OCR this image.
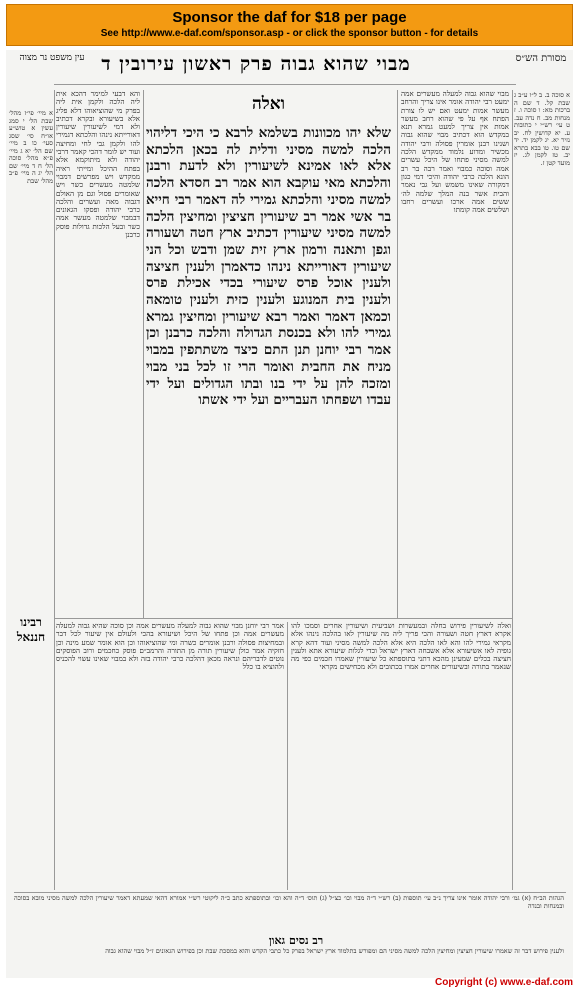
Sponsor the daf for $18 per page
See http://www.e-daf.com/sponsor.asp - or click the sponsor button - for details
מסורת הש״ס
מבוי שהוא גבוה פרק ראשון עירובין ד
עין משפט נר מצוה
א סוכה ב. ב ל״ו ע״ב ג שבת קל. ד שם ה ברכות מא: ו סוכה ו. ז מנחות מב. ח נדה עב. ט עי׳ רש״י י כתובות ע. יא קדושין לח. יב נזיר יא. יג לקמן יד. יד שם טו. טו בבא בתרא יב. טז לקמן לג. יז מועד קטן ז.
מבוי שהוא גבוה למעלה מעשרים אמה ימעט רבי יהודה אומר אינו צריך והרחב מעשר אמות ימעט ואם יש לו צורת הפתח אף על פי שהוא רחב מעשר אמות אין צריך למעט גמרא תנא במקדש הוא דכתיב מבוי שהוא גבוה ושנינו רבנן אומרין פסולה ורבי יהודה מכשיר ומדוע נלמוד ממקדש הלכה למשה מסיני פתחו של היכל עשרים אמה וסוכה כמבוי ואמר רבה בר רב הונא הלכה כרבי יהודה והיכי דמי כגון דמקורה שאינו משמש ועל גבי נאמר והבית אשר בנה המלך שלמה לה׳ ששים אמה ארכו ועשרים רחבו ושלשים אמה קומתו
ואלה
שלא יהו מכוונות בשלמא לרבא כי היכי דליהוי הלכה למשה מסיני ודלית לה בכאן הלכתא אלא לאו אמינא לשיעורין ולא לדעת ורבנן והלכתא מאי עוקבא הוא אמר רב חסדא הלכה למשה מסיני והלכתא גמירי לה דאמר רבי חייא בר אשי אמר רב שיעורין חציצין ומחיצין הלכה למשה מסיני שיעורין דכתיב ארץ חטה ושעורה וגפן ותאנה ורמון ארץ זית שמן ודבש וכל הני שיעורין דאורייתא נינהו כדאמרן ולענין חציצה ולענין אוכל פרס שיעורי בכדי אכילת פרס ולענין בית המנוגע ולענין כזית ולענין טומאה וכמאן דאמר ואמר רבא שיעורין ומחיצין גמרא גמירי להו ולא בכנסת הגדולה והלכה כרבנן וכן אמר רבי יוחנן תנן התם כיצד משתתפין במבוי מניח את החבית ואומר הרי זו לכל בני מבוי ומזכה להן על ידי בנו ובתו הגדולים ועל ידי עבדו ושפחתו העבריים ועל ידי אשתו
והא דבעי למימר דהכא אית ליה הלכה ולקמן אית ליה בפרק מי שהוציאוהו דלא פליג אלא בשיעורא ובקרא דכתיב ולא דמי לשיעורין שיעורין דאורייתא נינהו והלכתא דגמירי להו ולקמן גבי לחי ומחיצה ועוד יש לומר דהכי קאמר דרבי יהודה ולא מיתוקמא אלא בפתח ההיכל ומייתי ראיה ממקדש ויש מפרשים דמבוי שלמטה מעשרים כשר ויש שאומרים פסול וגם מן האולם דגבוה מאה ועשרים והלכה כרבי יהודה ופסקו הגאונים דבמבוי שלמטה מעשר אמה כשר ובעל הלכות גדולות פוסק כרבנן
א מיי׳ פי״ז מהל׳ שבת הל׳ י סמג עשין א טוש״ע או״ח סי׳ שסג סעי׳ כו ב מיי׳ שם הל׳ יא ג מיי׳ פ״א מהל׳ סוכה הל׳ ח ד מיי׳ שם הל׳ יג ה מיי׳ פ״ב מהל׳ שבת
רבינו חננאל
ואלה לשיעורין פירוש בחלה ובמעשרות ושביעית ושיעורין אחרים וסמכו להו אקרא דארץ חטה ושעורה והכי פריך ליה מה שיעורין לאו בהלכה נינהו אלא מקראי גמירי להו והא לאו הלכה היא אלא הלכה למשה מסיני ועוד דהא קרא גופיה לאו אשיעורא אלא אשבחה דארץ ישראל וכדי לגלות שיעורא אתא ולענין חציצה בכלים שמעינן מהכא דתני בתוספתא כל שיעורין שאמרו חכמים כפי מה שנאמר בתורה ובשיעורים אחרים אמרו בכתובים ולא מכחישים מקראי
אמר רבי יוחנן מבוי שהוא גבוה למעלה מעשרים אמה וכן סוכה שהיא גבוה למעלה מעשרים אמה וכן פתחו של היכל ושיעורא בהכי ולעולם אין שיעור לכל דבר ובמחיצות פסולה ורבנן אומרים כשרה ומי שהוציאוהו וכן הוא אומר שמע מינה וכן חזקיה אמר כולן שיעורין תורה מן התורה והרמב״ם פוסק כחכמים ורוב הפוסקים נוטים לדבריהם ונראה מכאן דהלכה כרבי יהודה בזה ולא במבוי שאינו עשוי להכניס ולהוציא בו כלל
הגהות הב״ח (א) גמ׳ ורבי יהודה אומר אינו צריך נ״ב עי׳ תוספות (ב) רש״י ד״ה מבוי וכו׳ כצ״ל (ג) תוס׳ ד״ה והא וכו׳ ובתוספתא כתב כ״ה ליקוטי רש״י אמורא דהאי שמעתא דאמר שיעורין הלכה למשה מסיני מובא בסוכה ובמנחות ובנדה
רב נסים גאון
ולענין פירוש דבר זה שאמרו שיעורין חציצין ומחיצין הלכה למשה מסיני הם ומפורש בתלמוד ארץ ישראל בפרק כל כתבי הקדש והוא במסכת שבת וכן בפירוש הגאונים ז״ל מבוי שהוא גבוה
Copyright (c) www.e-daf.com
